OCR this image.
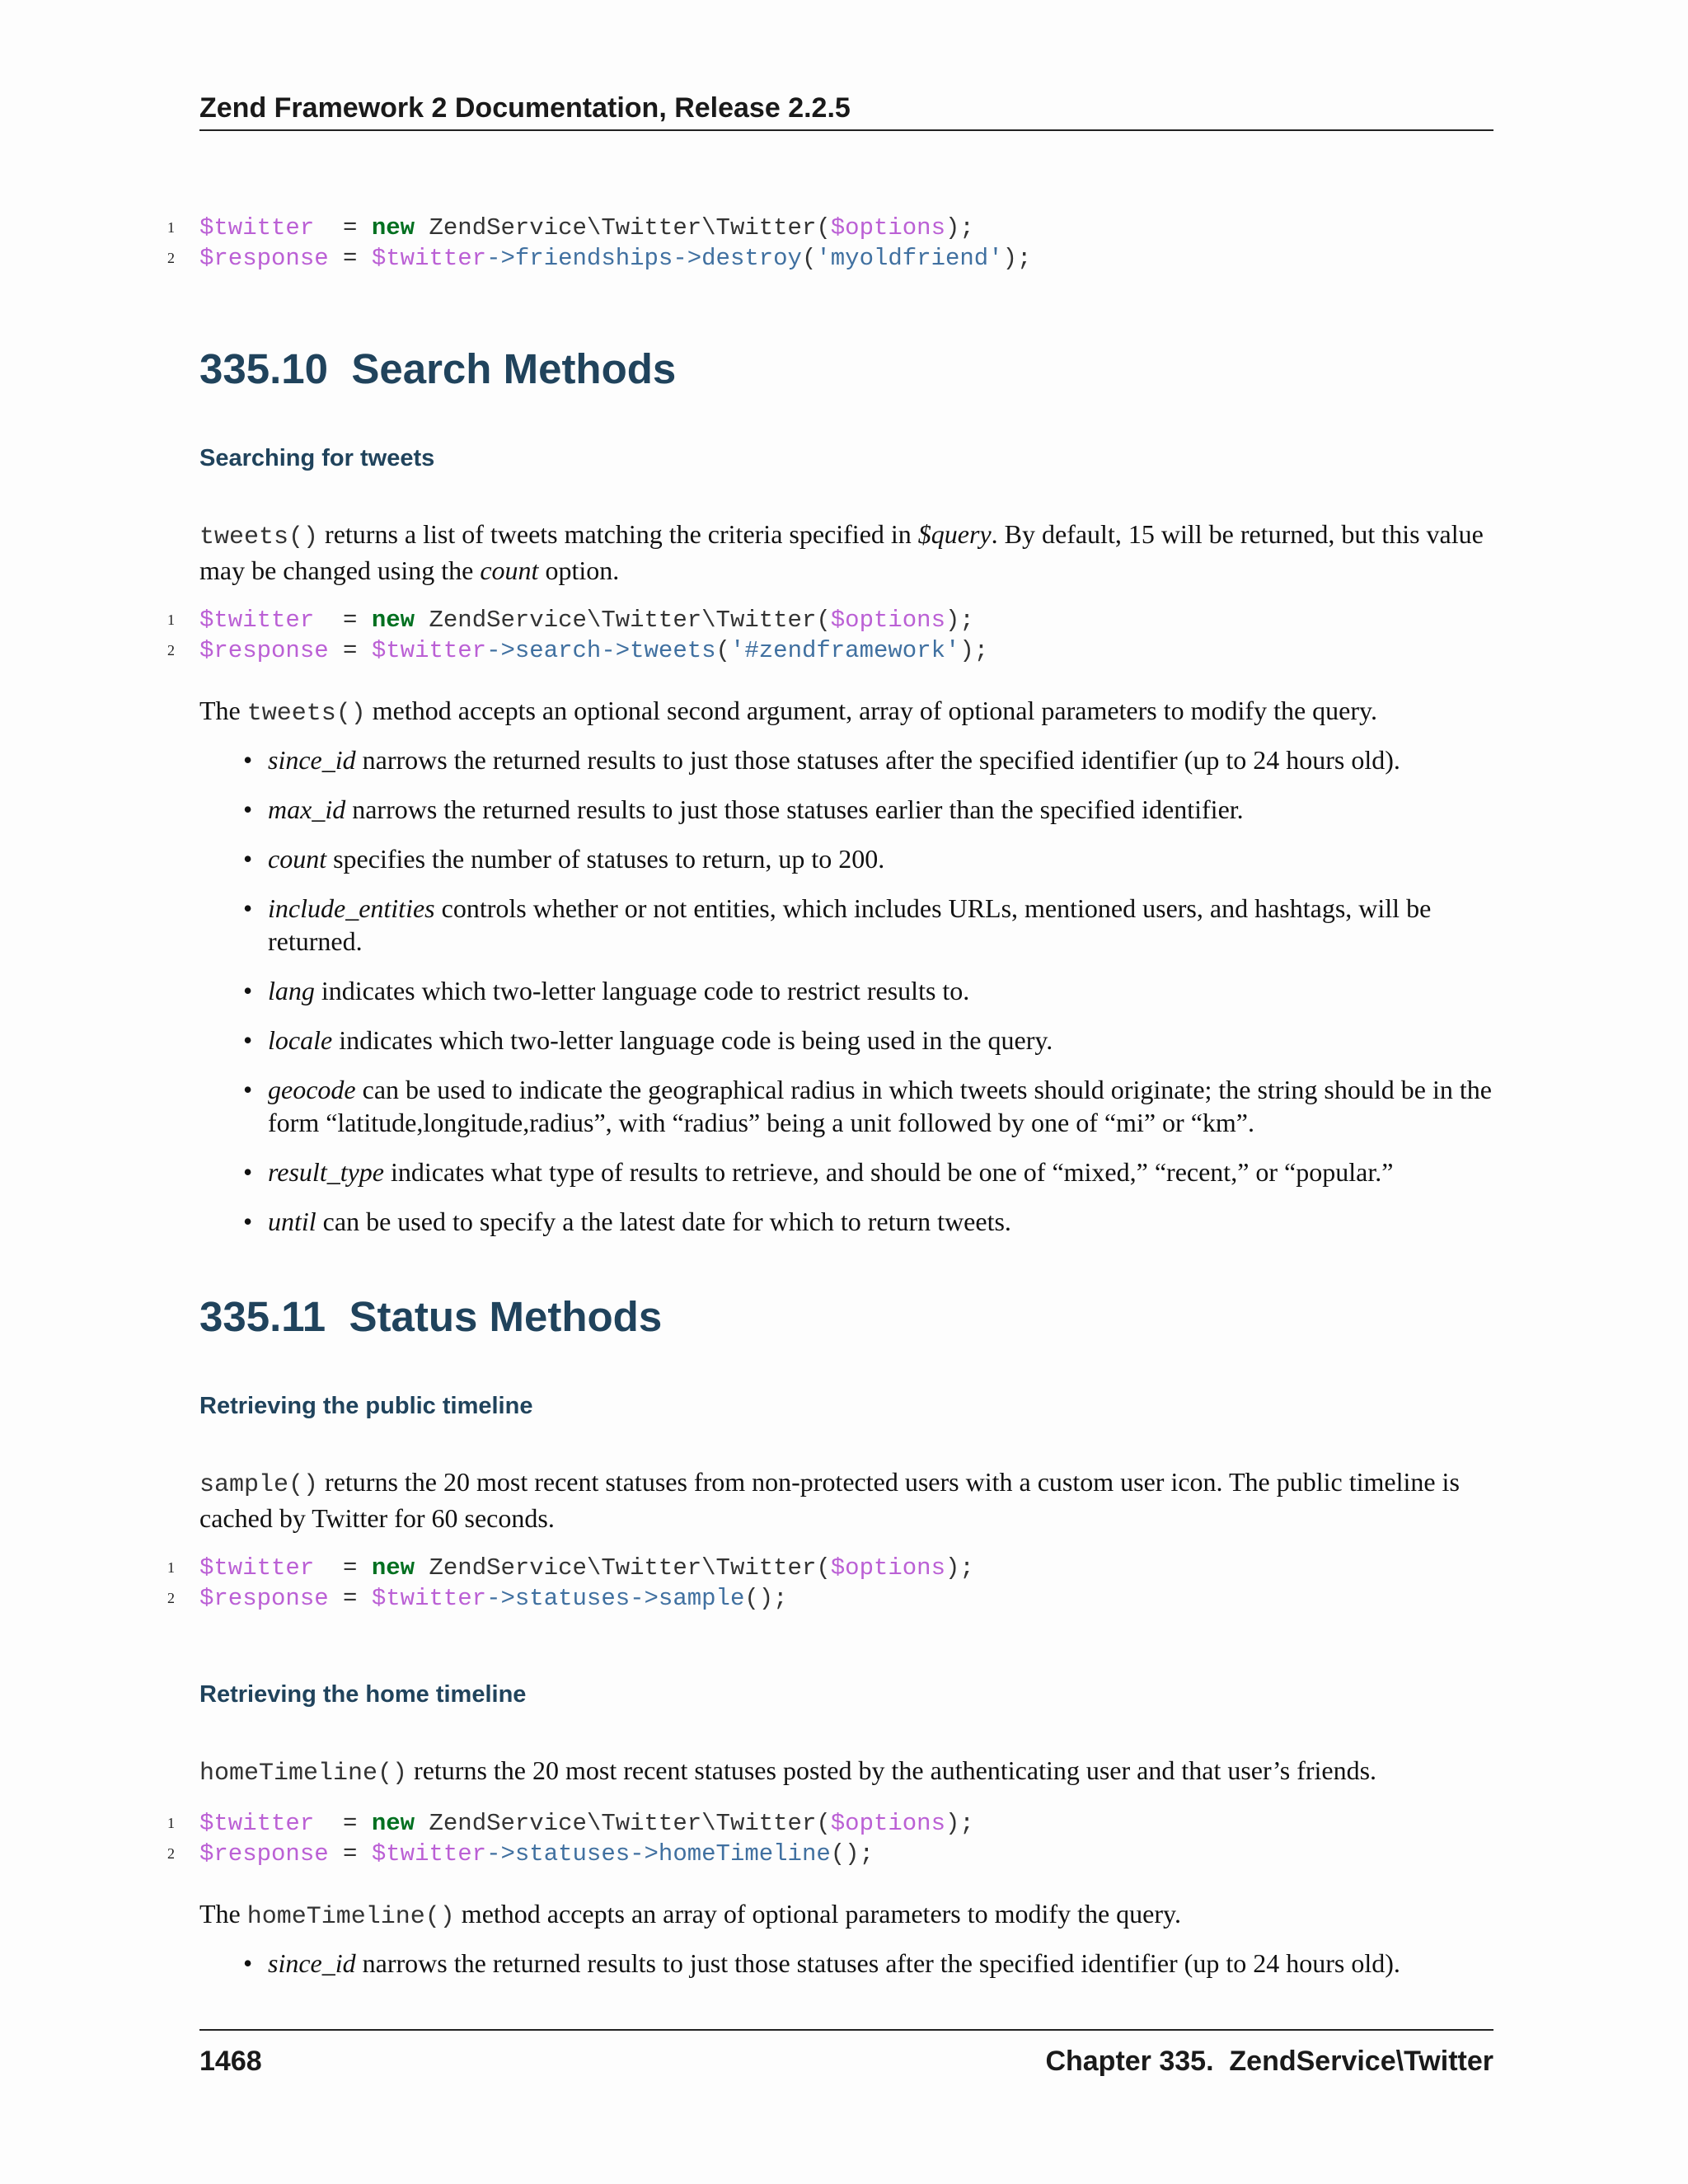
Zend Framework 2 Documentation, Release 2.2.5
1 $twitter  = new ZendService\Twitter\Twitter($options);
2 $response = $twitter->friendships->destroy('myoldfriend');
335.10  Search Methods
Searching for tweets
tweets() returns a list of tweets matching the criteria specified in $query. By default, 15 will be returned, but this value may be changed using the count option.
1 $twitter  = new ZendService\Twitter\Twitter($options);
2 $response = $twitter->search->tweets('#zendframework');
The tweets() method accepts an optional second argument, array of optional parameters to modify the query.
• since_id narrows the returned results to just those statuses after the specified identifier (up to 24 hours old).
• max_id narrows the returned results to just those statuses earlier than the specified identifier.
• count specifies the number of statuses to return, up to 200.
• include_entities controls whether or not entities, which includes URLs, mentioned users, and hashtags, will be returned.
• lang indicates which two-letter language code to restrict results to.
• locale indicates which two-letter language code is being used in the query.
• geocode can be used to indicate the geographical radius in which tweets should originate; the string should be in the form “latitude,longitude,radius”, with “radius” being a unit followed by one of “mi” or “km”.
• result_type indicates what type of results to retrieve, and should be one of “mixed,” “recent,” or “popular.”
• until can be used to specify a the latest date for which to return tweets.
335.11  Status Methods
Retrieving the public timeline
sample() returns the 20 most recent statuses from non-protected users with a custom user icon. The public timeline is cached by Twitter for 60 seconds.
1 $twitter  = new ZendService\Twitter\Twitter($options);
2 $response = $twitter->statuses->sample();
Retrieving the home timeline
homeTimeline() returns the 20 most recent statuses posted by the authenticating user and that user’s friends.
1 $twitter  = new ZendService\Twitter\Twitter($options);
2 $response = $twitter->statuses->homeTimeline();
The homeTimeline() method accepts an array of optional parameters to modify the query.
• since_id narrows the returned results to just those statuses after the specified identifier (up to 24 hours old).
1468	Chapter 335.  ZendService\Twitter
